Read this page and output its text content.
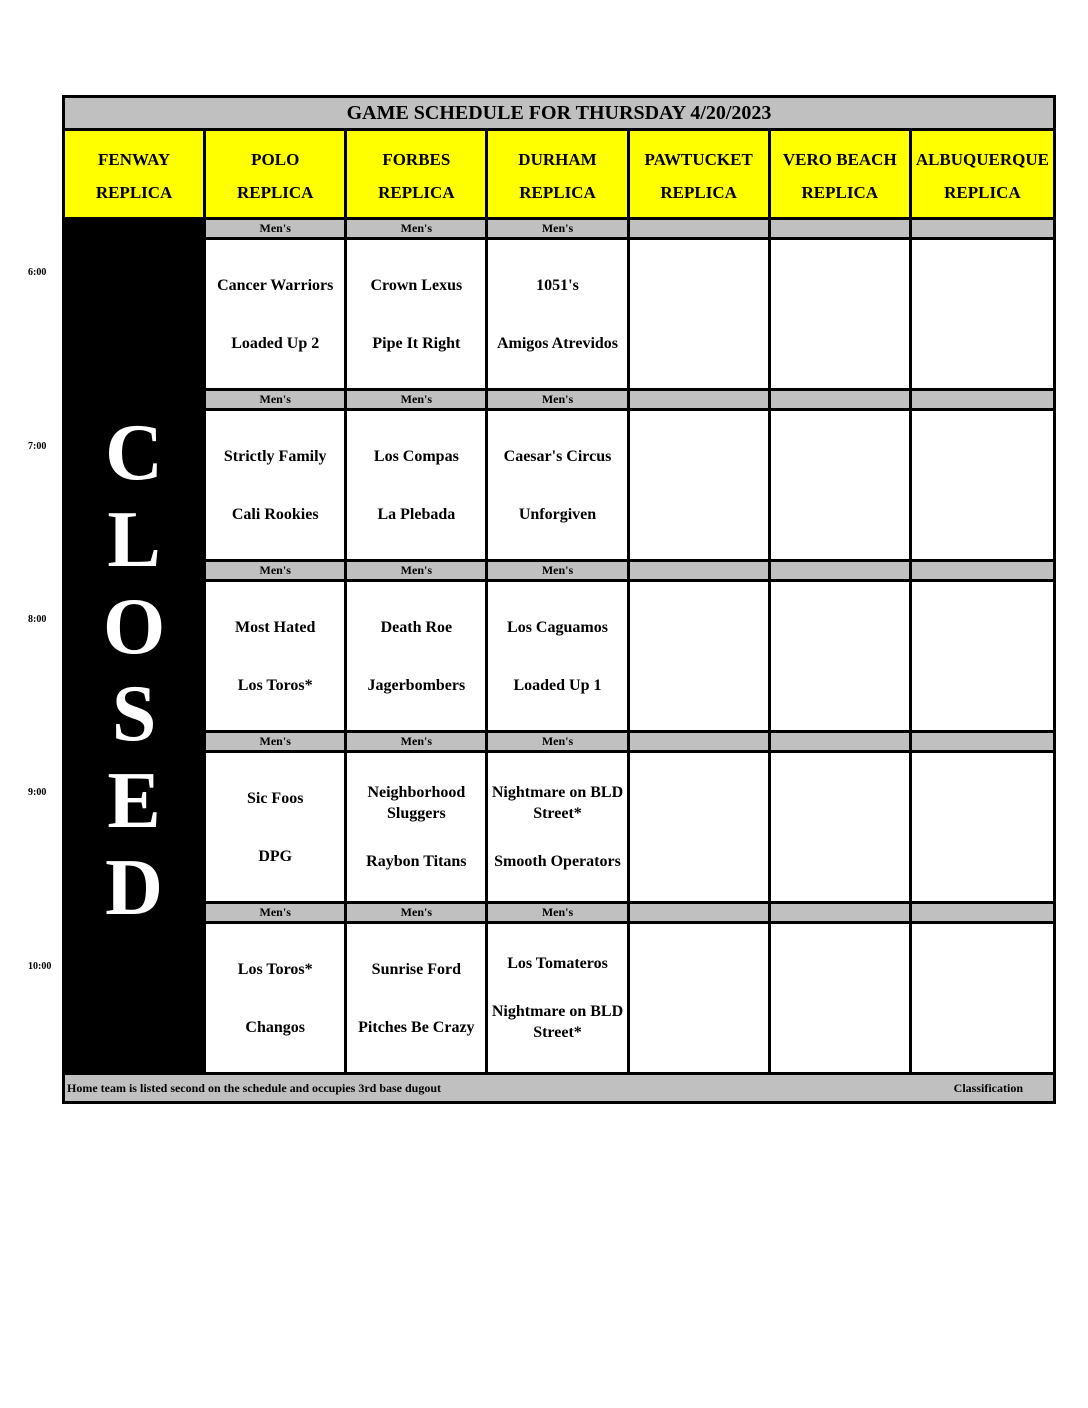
6:00
7:00
8:00
9:00
10:00
GAME SCHEDULE FOR THURSDAY 4/20/2023
FENWAY
REPLICA
POLO
REPLICA
FORBES
REPLICA
DURHAM
REPLICA
PAWTUCKET
REPLICA
VERO BEACH
REPLICA
ALBUQUERQUE
REPLICA
C
L
O
S
E
D
Men's
Cancer Warriors
Loaded Up 2
Men's
Crown Lexus
Pipe It Right
Men's
1051's
Amigos Atrevidos
Men's
Strictly Family
Cali Rookies
Men's
Los Compas
La Plebada
Men's
Caesar's Circus
Unforgiven
Men's
Most Hated
Los Toros*
Men's
Death Roe
Jagerbombers
Men's
Los Caguamos
Loaded Up 1
Men's
Sic Foos
DPG
Men's
Neighborhood Sluggers
Raybon Titans
Men's
Nightmare on BLD Street*
Smooth Operators
Men's
Los Toros*
Changos
Men's
Sunrise Ford
Pitches Be Crazy
Men's
Los Tomateros
Nightmare on BLD Street*
Home team is listed second on the schedule and occupies 3rd base dugout	Classification
